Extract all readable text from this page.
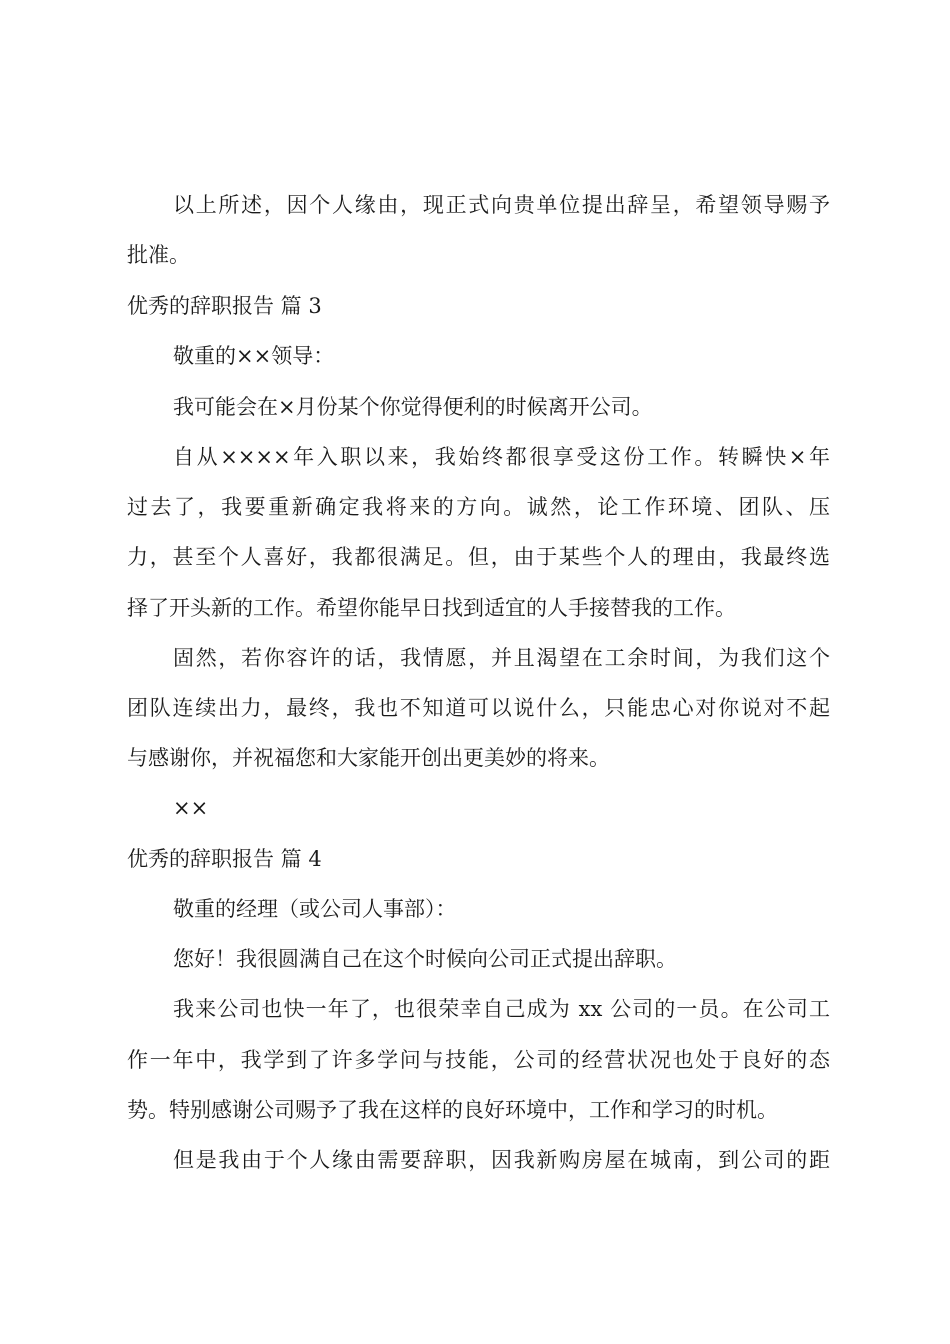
以上所述，因个人缘由，现正式向贵单位提出辞呈，希望领导赐予
批准。
优秀的辞职报告 篇 3
敬重的××领导：
我可能会在×月份某个你觉得便利的时候离开公司。
自从××××年入职以来，我始终都很享受这份工作。转瞬快×年
过去了，我要重新确定我将来的方向。诚然，论工作环境、团队、压
力，甚至个人喜好，我都很满足。但，由于某些个人的理由，我最终选
择了开头新的工作。希望你能早日找到适宜的人手接替我的工作。
固然，若你容许的话，我情愿，并且渴望在工余时间，为我们这个
团队连续出力，最终，我也不知道可以说什么，只能忠心对你说对不起
与感谢你，并祝福您和大家能开创出更美妙的将来。
××
优秀的辞职报告 篇 4
敬重的经理（或公司人事部）：
您好！我很圆满自己在这个时候向公司正式提出辞职。
我来公司也快一年了，也很荣幸自己成为 xx 公司的一员。在公司工
作一年中，我学到了许多学问与技能，公司的经营状况也处于良好的态
势。特别感谢公司赐予了我在这样的良好环境中，工作和学习的时机。
但是我由于个人缘由需要辞职，因我新购房屋在城南，到公司的距
